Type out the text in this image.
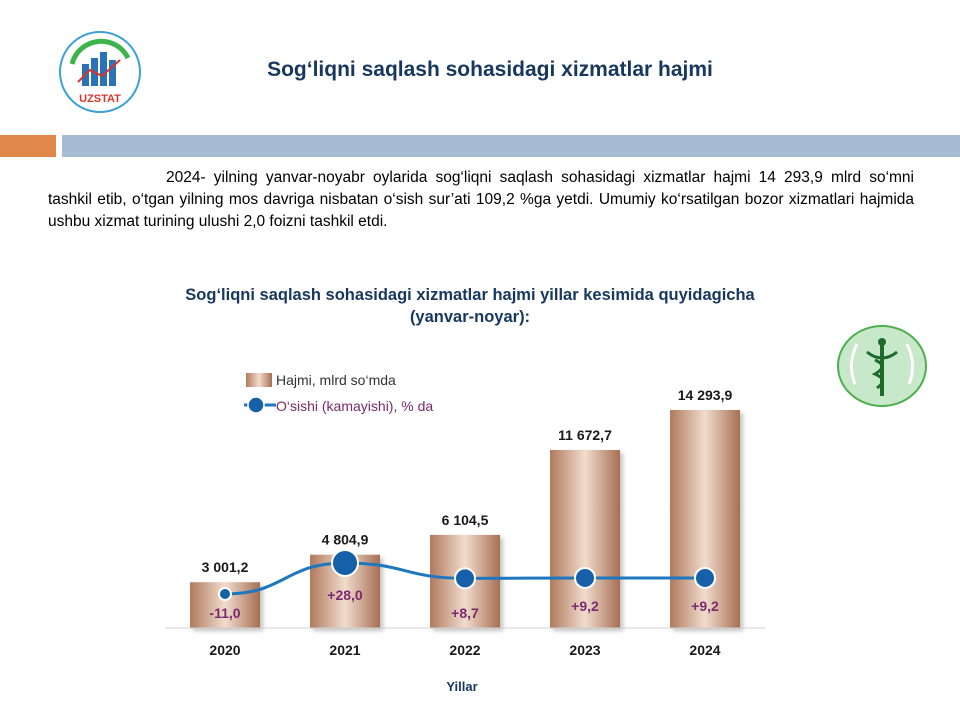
UZSTAT
Sog‘liqni saqlash sohasidagi xizmatlar hajmi
2024- yilning yanvar-noyabr oylarida sog‘liqni saqlash sohasidagi xizmatlar hajmi 14 293,9 mlrd so‘mni tashkil etib, o‘tgan yilning mos davriga nisbatan o‘sish sur’ati 109,2 %ga yetdi. Umumiy ko‘rsatilgan bozor xizmatlari hajmida ushbu xizmat turining ulushi 2,0 foizni tashkil etdi.
Sog‘liqni saqlash sohasidagi xizmatlar hajmi yillar kesimida quyidagicha (yanvar-noyar):
Hajmi, mlrd so‘mda
O‘sishi (kamayishi), % da
3 001,2
-11,0
4 804,9
+28,0
6 104,5
+8,7
11 672,7
+9,2
14 293,9
+9,2
2020	2021	2022	2023	2024
Yillar
